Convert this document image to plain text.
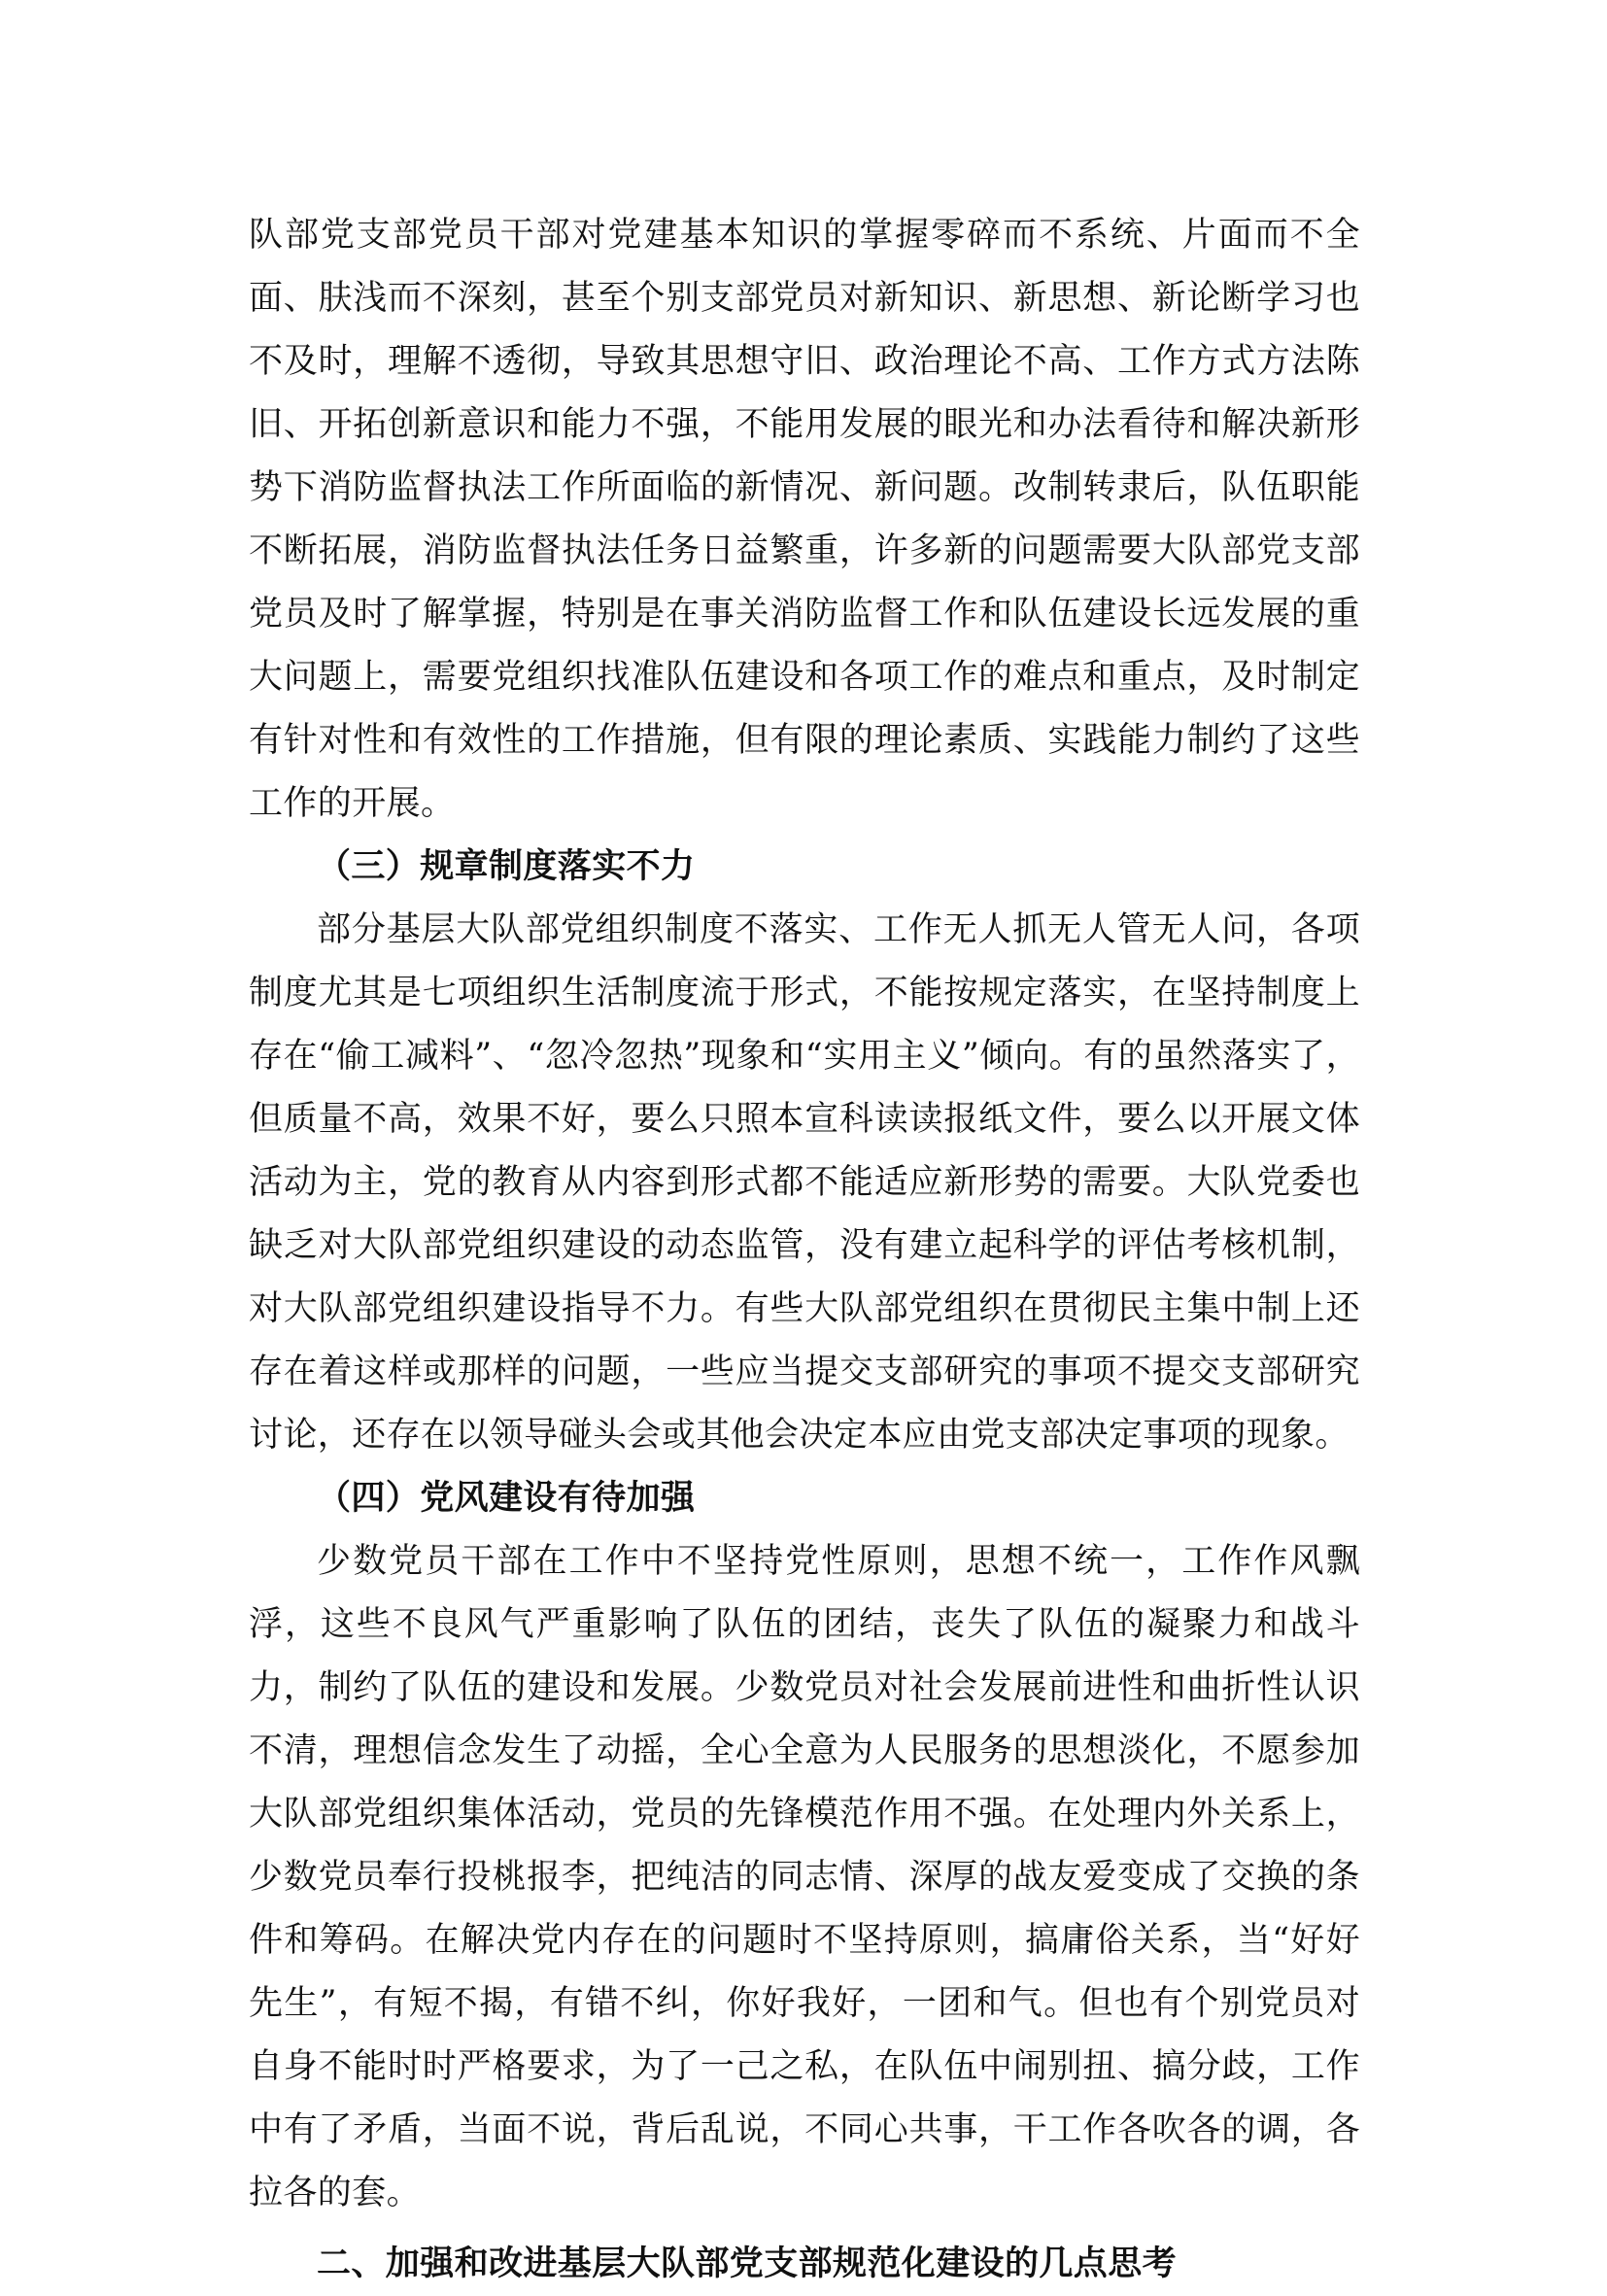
队部党支部党员干部对党建基本知识的掌握零碎而不系统、片面而不全面、肤浅而不深刻，甚至个别支部党员对新知识、新思想、新论断学习也不及时，理解不透彻，导致其思想守旧、政治理论不高、工作方式方法陈旧、开拓创新意识和能力不强，不能用发展的眼光和办法看待和解决新形势下消防监督执法工作所面临的新情况、新问题。改制转隶后，队伍职能不断拓展，消防监督执法任务日益繁重，许多新的问题需要大队部党支部党员及时了解掌握，特别是在事关消防监督工作和队伍建设长远发展的重大问题上，需要党组织找准队伍建设和各项工作的难点和重点，及时制定有针对性和有效性的工作措施，但有限的理论素质、实践能力制约了这些工作的开展。

（三）规章制度落实不力

部分基层大队部党组织制度不落实、工作无人抓无人管无人问，各项制度尤其是七项组织生活制度流于形式，不能按规定落实，在坚持制度上存在“偷工减料”、“忽冷忽热”现象和“实用主义”倾向。有的虽然落实了，但质量不高，效果不好，要么只照本宣科读读报纸文件，要么以开展文体活动为主，党的教育从内容到形式都不能适应新形势的需要。大队党委也缺乏对大队部党组织建设的动态监管，没有建立起科学的评估考核机制，对大队部党组织建设指导不力。有些大队部党组织在贯彻民主集中制上还存在着这样或那样的问题，一些应当提交支部研究的事项不提交支部研究讨论，还存在以领导碰头会或其他会决定本应由党支部决定事项的现象。

（四）党风建设有待加强

少数党员干部在工作中不坚持党性原则，思想不统一，工作作风飘浮，这些不良风气严重影响了队伍的团结，丧失了队伍的凝聚力和战斗力，制约了队伍的建设和发展。少数党员对社会发展前进性和曲折性认识不清，理想信念发生了动摇，全心全意为人民服务的思想淡化，不愿参加大队部党组织集体活动，党员的先锋模范作用不强。在处理内外关系上，少数党员奉行投桃报李，把纯洁的同志情、深厚的战友爱变成了交换的条件和筹码。在解决党内存在的问题时不坚持原则，搞庸俗关系，当“好好先生”，有短不揭，有错不纠，你好我好，一团和气。但也有个别党员对自身不能时时严格要求，为了一己之私，在队伍中闹别扭、搞分歧，工作中有了矛盾，当面不说，背后乱说，不同心共事，干工作各吹各的调，各拉各的套。

二、加强和改进基层大队部党支部规范化建设的几点思考
